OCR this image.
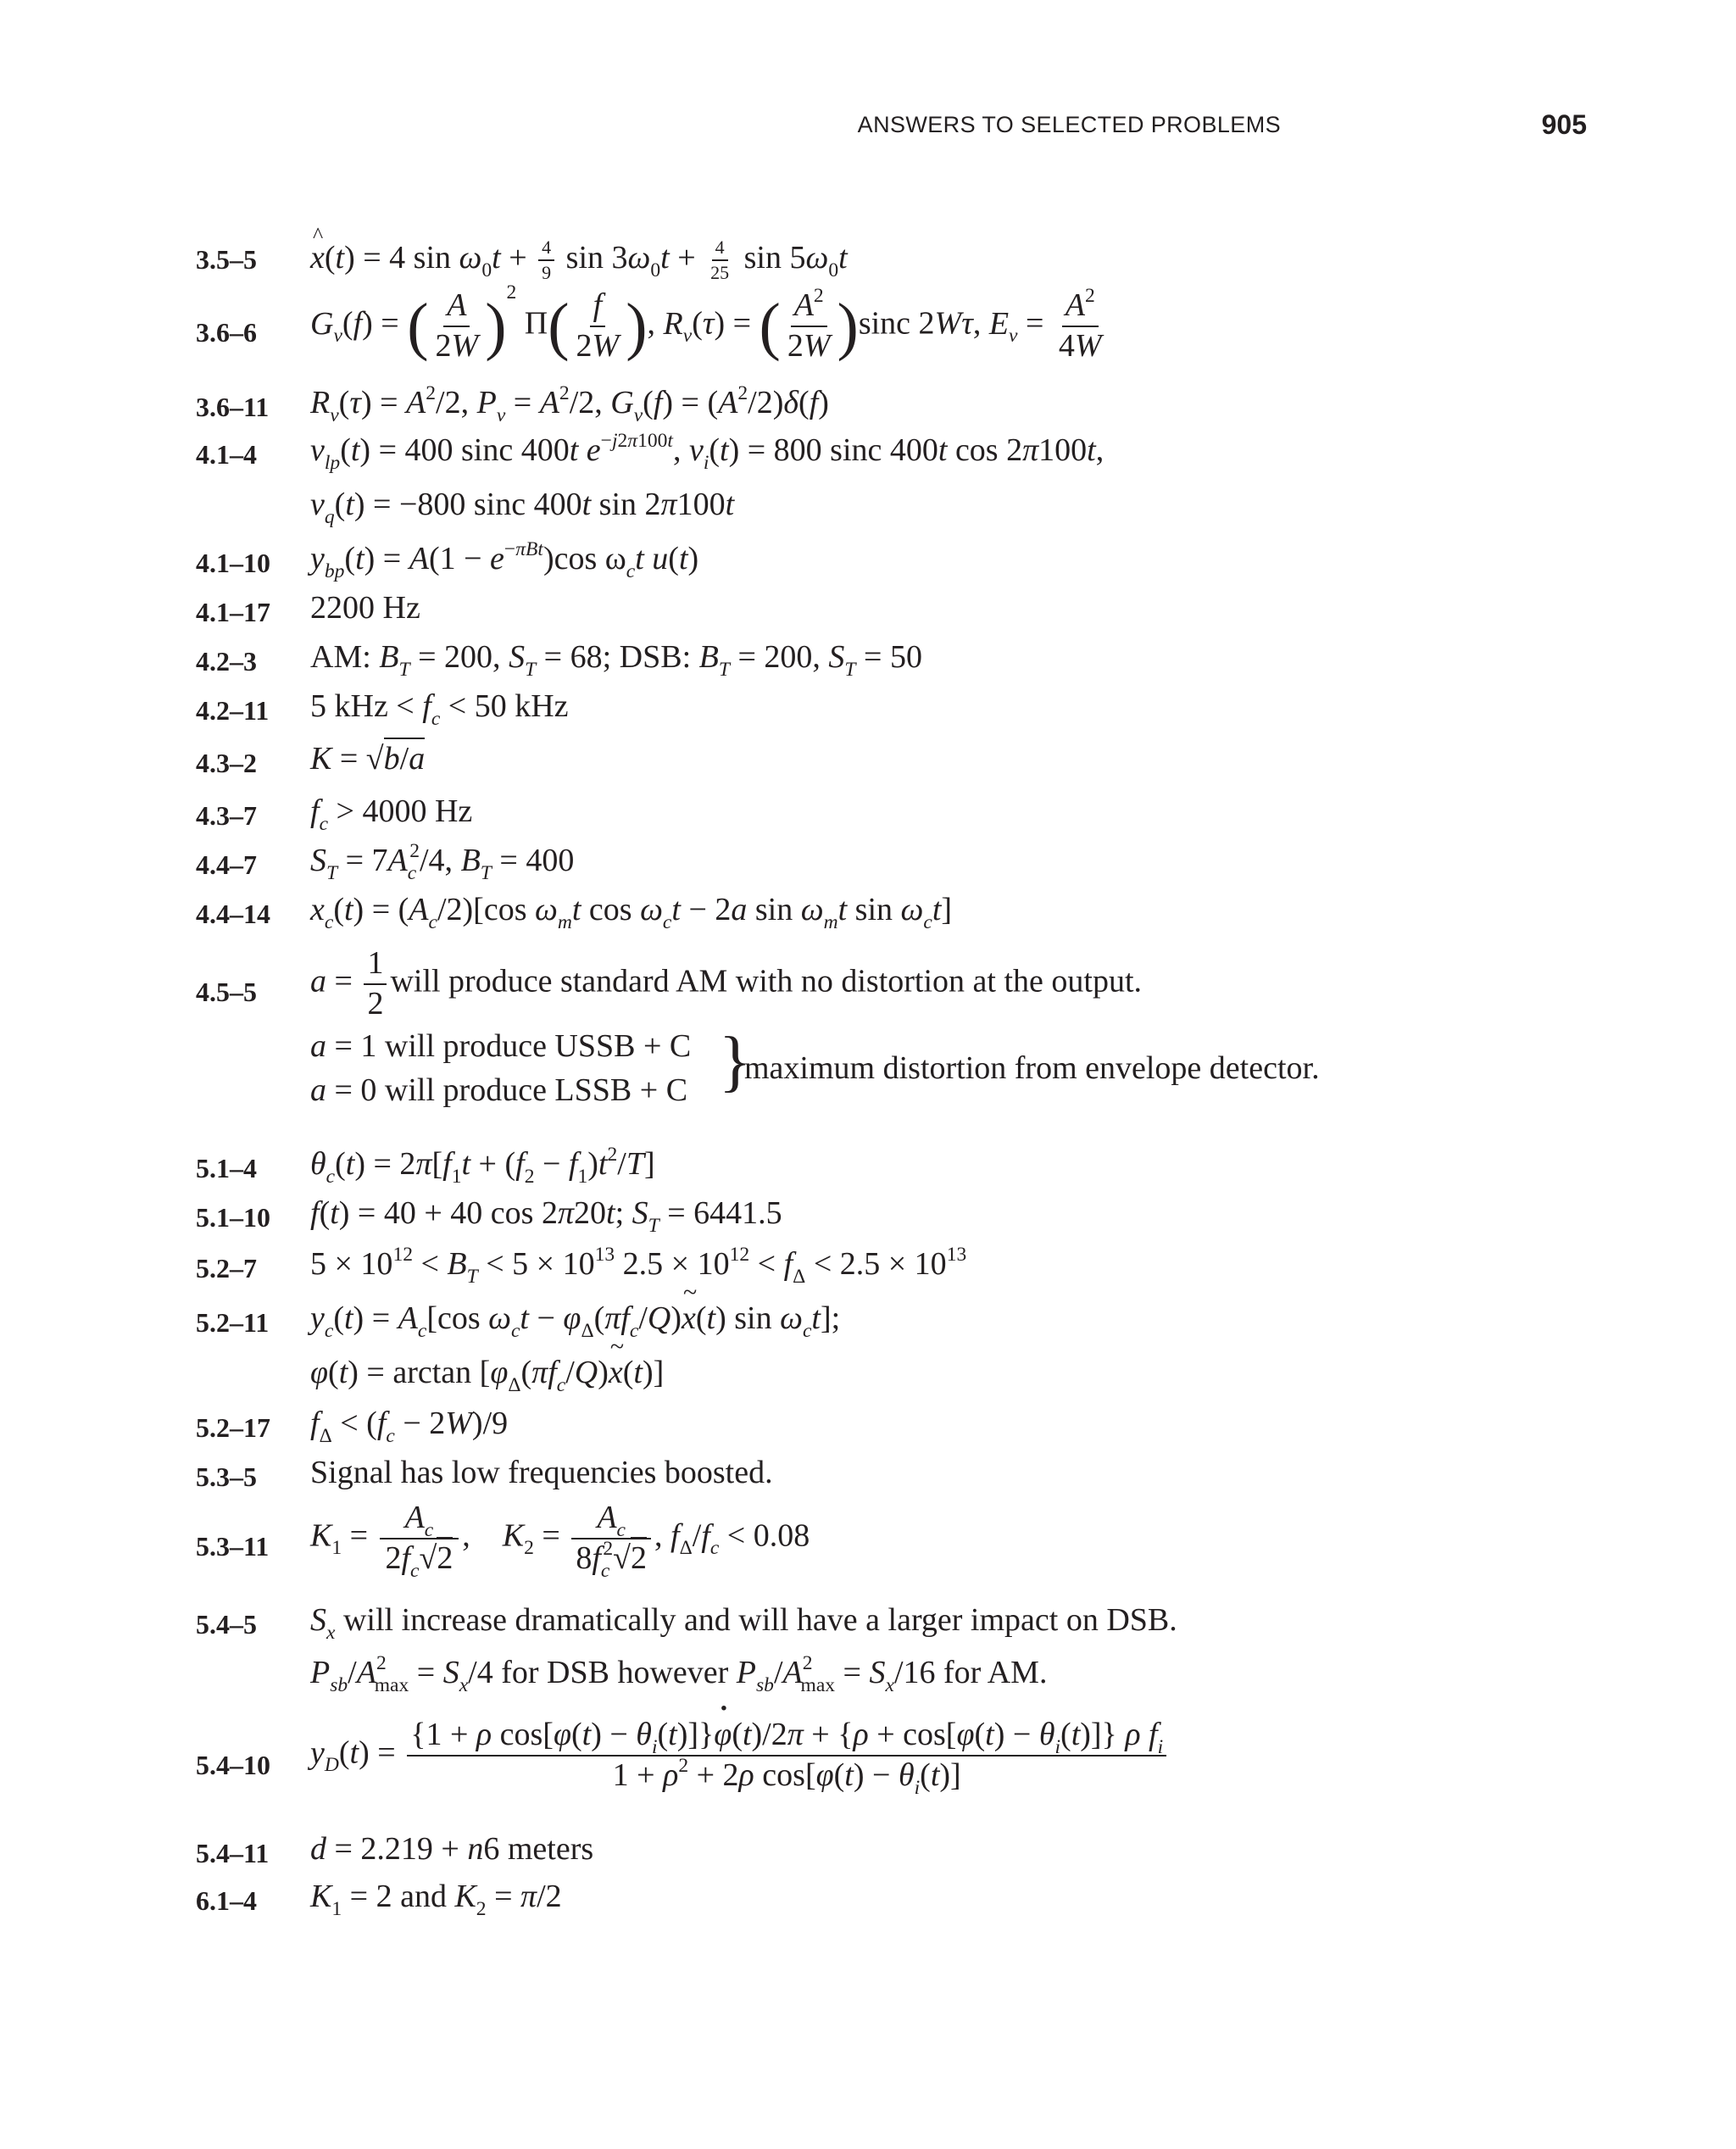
ANSWERS TO SELECTED PROBLEMS	905
3.5–5
^ x(t) = 4 $\sin \omega_0t + \frac{4}{9}$ $\sin 3\omega_0t + \frac{4}{25}$ $\sin 5\omega_0t$
3.6–6 $G_v(f)$ = ( $\frac{A}{2W} )^2$ $\Pi( \frac{f}{2W}$ ), $R_v(\tau)$ = ( $\frac{A^2}{2W} )\sin c$ 2Wτ, $E_v = \frac{A^2}{4W}$
3.6–11 $R_v(\tau) = A^2/2$, $P_v = A^2/2$, $G_v(f) = (A^2/2)\delta(f)$
4.1–4 $v_{lp}(t) = 400$ sinc 400t $e^{-j2\pi 100t}$, $v_i(t) = 800$ sinc 400t cos 2π100t,
$v_q(t) = -800$ sinc 400t sin 2π100t
4.1–10 $y_{bp}(t) = A(1 - e^{-\pi Bt})\cos$ $\omega_ct$ u(t)
4.1–17 2200 Hz
4.2–3 AM: $B_T = 200$, $S_T = 68$; DSB: $B_T = 200$, $S_T = 50$
4.2–11 5 kHz < $f_c < 50$ kHz
4.3–2 K = √b/a
4.3–7 $f_c > 4000$ Hz
4.4–7 $S_T = 7A_c^2/4$, $B_T = 400$
4.4–14 $x_c(t) = (A_c/2)[\cos$ $\omega_mt$ $\cos \omega_ct - 2a$ $\sin \omega_mt$ $\sin \omega_ct$]
4.5–5 $a = \frac{1}{2}$ will produce standard AM with no distortion at the output.
a = 1 will produce USSB + C
a = 0 will produce LSSB + C }
maximum distortion from envelope detector.
5.1–4 $\theta_c(t) = 2\pi[f_1t + (f_2 - f_1)t^2/T]$
5.1–10 f(t) = 40 + 40 cos 2π20t; $S_T = 6441.5$
5.2–7 $5 \times 10^{12} < B_T < 5 \times 10^{13}$ $2.5 \times 10^{12} < f_\Delta < 2.5 \times 10^{13}$
5.2–11 $y_c(t) = A_c[\cos$ $\omega_ct$ − $\varphi_\Delta(\pi f_c/Q)\sim$ x(t) $\sin \omega_ct$];
$\varphi(t) = \arctan [\varphi_\Delta(\pi f_c/Q)\sim$ x(t)]
5.2–17 $f_\Delta < (f_c - 2W)/9$
5.3–5 Signal has low frequencies boosted.
5.3–11 $K_1 = \frac{A_c}{2f_c√2}$ ,    $K_2 = \frac{A_c}{8f_c^2√2}$ , $f_\Delta/f_c < 0.08$
5.4–5 $S_x$ will increase dramatically and will have a larger impact on DSB.
$P_{sb}/A^2_{max} = S_x/4$ for DSB however $P_{sb}/A^2_{max} = S_x/16$ for AM.
5.4–10 $y_D(t)$ =
{1 + ρ $\cos[\varphi(t) - \theta_i(t)]\}\cdot \varphi(t)/2\pi + \{\rho + \cos[\varphi(t) - \theta_i(t)]\}$ ρ $f_i$
$1 + \rho^2 + 2\rho$ $\cos[\varphi(t) - \theta_i(t)]$
5.4–11 d = 2.219 + n6 meters
6.1–4 $K_1 = 2$ and $K_2 = \pi/2$
